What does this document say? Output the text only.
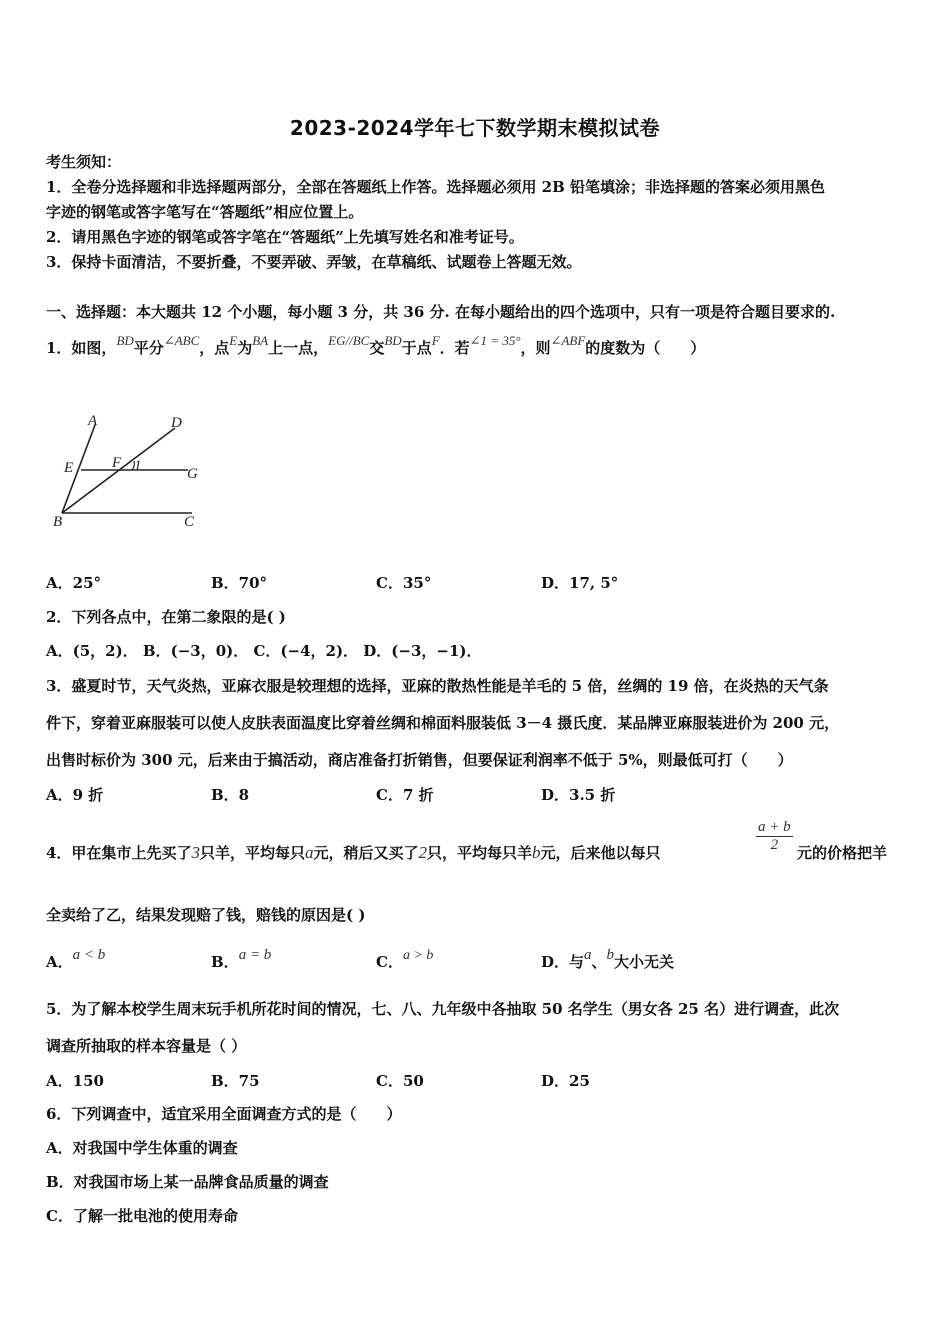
2023-2024学年七下数学期末模拟试卷
考生须知：
1．全卷分选择题和非选择题两部分，全部在答题纸上作答。选择题必须用 2B 铅笔填涂；非选择题的答案必须用黑色
字迹的钢笔或答字笔写在“答题纸”相应位置上。
2．请用黑色字迹的钢笔或答字笔在“答题纸”上先填写姓名和准考证号。
3．保持卡面清洁，不要折叠，不要弄破、弄皱，在草稿纸、试题卷上答题无效。
一、选择题：本大题共 12 个小题，每小题 3 分，共 36 分. 在每小题给出的四个选项中，只有一项是符合题目要求的.
1．如图，BD平分∠ABC，点E为BA上一点，EG//BC交BD于点F．若∠1 = 35°，则∠ABF的度数为（　　）
A	D
E	F 1	G
B	C
A．25°	B．70°	C．35°	D．17, 5°
2．下列各点中，在第二象限的是( )
A．(5，2)． B．(−3，0)． C．(−4，2)． D．(−3，−1)．
3．盛夏时节，天气炎热，亚麻衣服是较理想的选择，亚麻的散热性能是羊毛的 5 倍，丝绸的 19 倍，在炎热的天气条
件下，穿着亚麻服装可以使人皮肤表面温度比穿着丝绸和棉面料服装低 3－4 摄氏度．某品牌亚麻服装进价为 200 元，
出售时标价为 300 元，后来由于搞活动，商店准备打折销售，但要保证利润率不低于 5%，则最低可打（　　）
A．9 折	B．8	C．7 折	D．3.5 折
4．甲在集市上先买了3只羊，平均每只a元，稍后又买了2只，平均每只羊b元，后来他以每只	$\frac{a + b}{2}$ 元的价格把羊
全卖给了乙，结果发现赔了钱，赔钱的原因是( )
A．a < b	B．a = b	C．a > b	D．与a、b大小无关
5．为了解本校学生周末玩手机所花时间的情况，七、八、九年级中各抽取 50 名学生（男女各 25 名）进行调查，此次
调查所抽取的样本容量是（ ）
A．150	B．75	C．50	D．25
6．下列调查中，适宜采用全面调查方式的是（　　）
A．对我国中学生体重的调查
B．对我国市场上某一品牌食品质量的调查
C．了解一批电池的使用寿命
